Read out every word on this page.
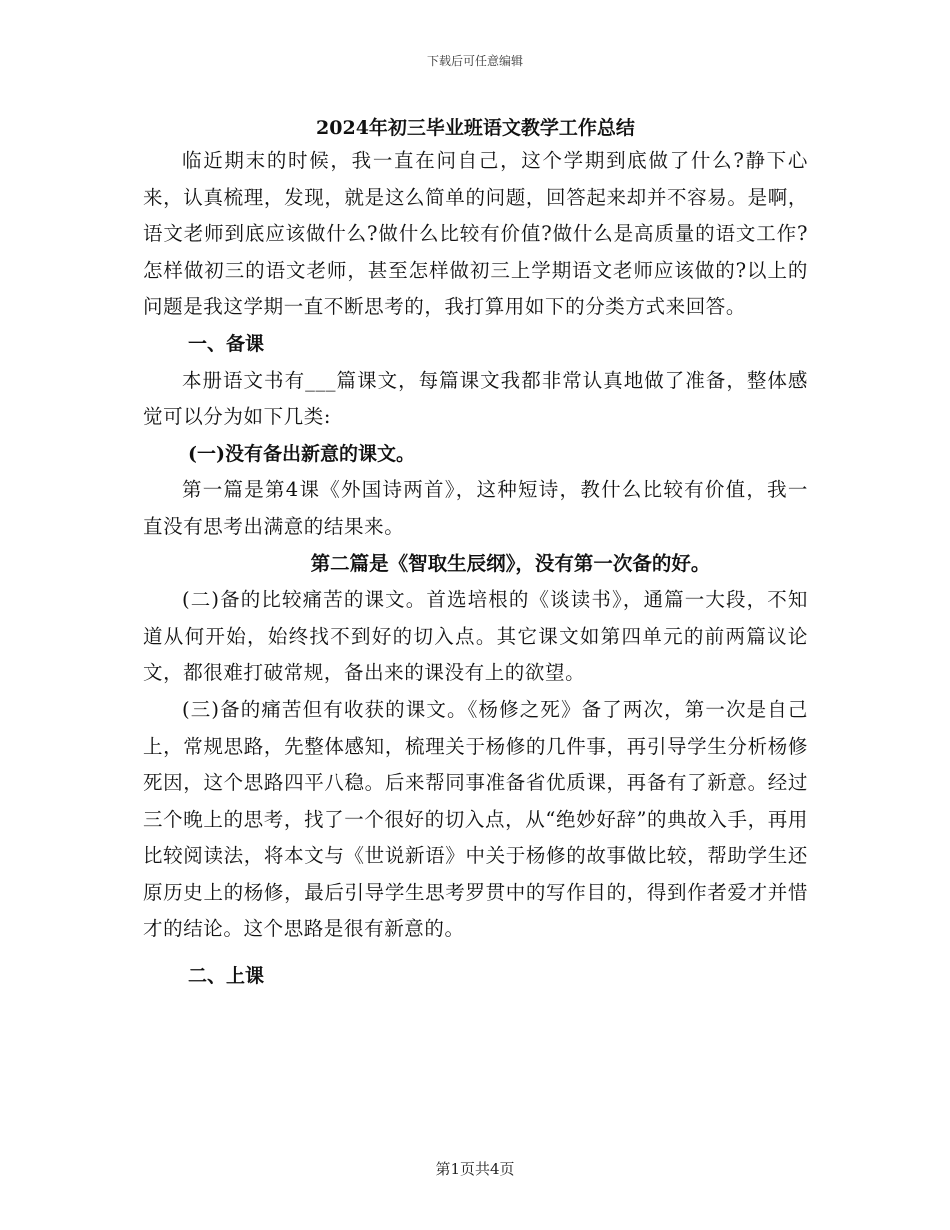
下载后可任意编辑

2024年初三毕业班语文教学工作总结

临近期末的时候，我一直在问自己，这个学期到底做了什么?静下心来，认真梳理，发现，就是这么简单的问题，回答起来却并不容易。是啊，语文老师到底应该做什么?做什么比较有价值?做什么是高质量的语文工作?怎样做初三的语文老师，甚至怎样做初三上学期语文老师应该做的?以上的问题是我这学期一直不断思考的，我打算用如下的分类方式来回答。

一、备课

本册语文书有___篇课文，每篇课文我都非常认真地做了准备，整体感觉可以分为如下几类:

(一)没有备出新意的课文。

第一篇是第4课《外国诗两首》，这种短诗，教什么比较有价值，我一直没有思考出满意的结果来。

第二篇是《智取生辰纲》，没有第一次备的好。

(二)备的比较痛苦的课文。首选培根的《谈读书》，通篇一大段，不知道从何开始，始终找不到好的切入点。其它课文如第四单元的前两篇议论文，都很难打破常规，备出来的课没有上的欲望。

(三)备的痛苦但有收获的课文。《杨修之死》备了两次，第一次是自己上，常规思路，先整体感知，梳理关于杨修的几件事，再引导学生分析杨修死因，这个思路四平八稳。后来帮同事准备省优质课，再备有了新意。经过三个晚上的思考，找了一个很好的切入点，从“绝妙好辞”的典故入手，再用比较阅读法，将本文与《世说新语》中关于杨修的故事做比较，帮助学生还原历史上的杨修，最后引导学生思考罗贯中的写作目的，得到作者爱才并惜才的结论。这个思路是很有新意的。

二、上课

第1页共4页
